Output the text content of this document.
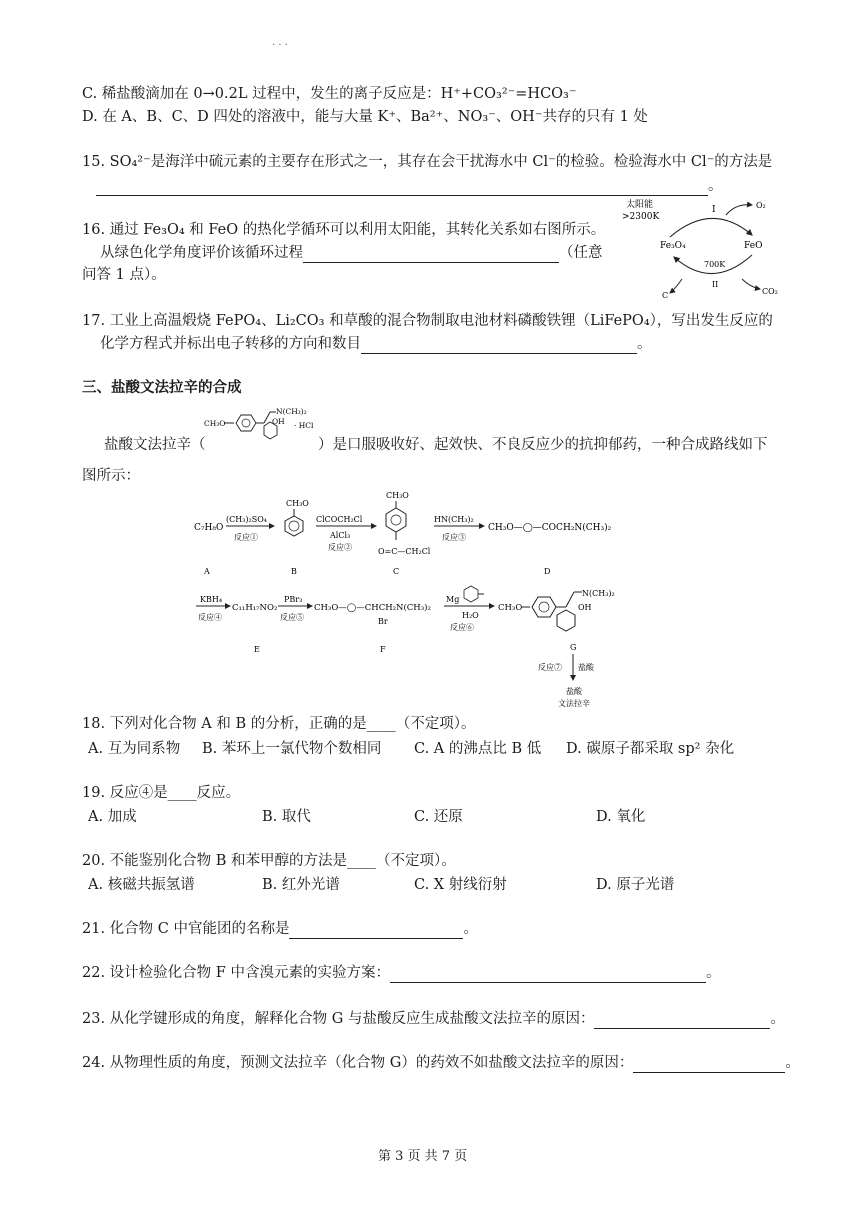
· · ·
C. 稀盐酸滴加在 0→0.2L 过程中，发生的离子反应是：H⁺+CO₃²⁻=HCO₃⁻
D. 在 A、B、C、D 四处的溶液中，能与大量 K⁺、Ba²⁺、NO₃⁻、OH⁻共存的只有 1 处
15. SO₄²⁻是海洋中硫元素的主要存在形式之一，其存在会干扰海水中 Cl⁻的检验。检验海水中 Cl⁻的方法是
。
16. 通过 Fe₃O₄ 和 FeO 的热化学循环可以利用太阳能，其转化关系如右图所示。
从绿色化学角度评价该循环过程	（任意
问答 1 点）。
太阳能
>2300K
I	O₂
Fe₃O₄	FeO
700K
II
C	CO₂
17. 工业上高温煅烧 FePO₄、Li₂CO₃ 和草酸的混合物制取电池材料磷酸铁锂（LiFePO₄），写出发生反应的
化学方程式并标出电子转移的方向和数目	。
三、盐酸文法拉辛的合成
CH₃O
N(CH₃)₂
OH · HCl
盐酸文法拉辛（	）是口服吸收好、起效快、不良反应少的抗抑郁药，一种合成路线如下
图所示：
C₇H₈O
(CH₃)₂SO₄
反应①
CH₃O
ClCOCH₂Cl
AlCl₃
反应②
CH₃O
O=C—CH₂Cl
HN(CH₃)₂
反应③
CH₃O—◯—COCH₂N(CH₃)₂
A	B	C	D
KBH₄
反应④
C₁₁H₁₇NO₂
PBr₃
反应⑤
CH₃O—◯—CHCH₂N(CH₃)₂
Br
Mg
H₂O
反应⑥
CH₃O
N(CH₃)₂
OH
E	F	G
反应⑦ 盐酸
盐酸
文法拉辛
18. 下列对化合物 A 和 B 的分析，正确的是____（不定项）。
A. 互为同系物 B. 苯环上一氯代物个数相同 C. A 的沸点比 B 低 D. 碳原子都采取 sp² 杂化
19. 反应④是____反应。
A. 加成	B. 取代	C. 还原	D. 氧化
20. 不能鉴别化合物 B 和苯甲醇的方法是____（不定项）。
A. 核磁共振氢谱	B. 红外光谱	C. X 射线衍射	D. 原子光谱
21. 化合物 C 中官能团的名称是	。
22. 设计检验化合物 F 中含溴元素的实验方案：	。
23. 从化学键形成的角度，解释化合物 G 与盐酸反应生成盐酸文法拉辛的原因：	。
24. 从物理性质的角度，预测文法拉辛（化合物 G）的药效不如盐酸文法拉辛的原因：	。
第 3 页 共 7 页
